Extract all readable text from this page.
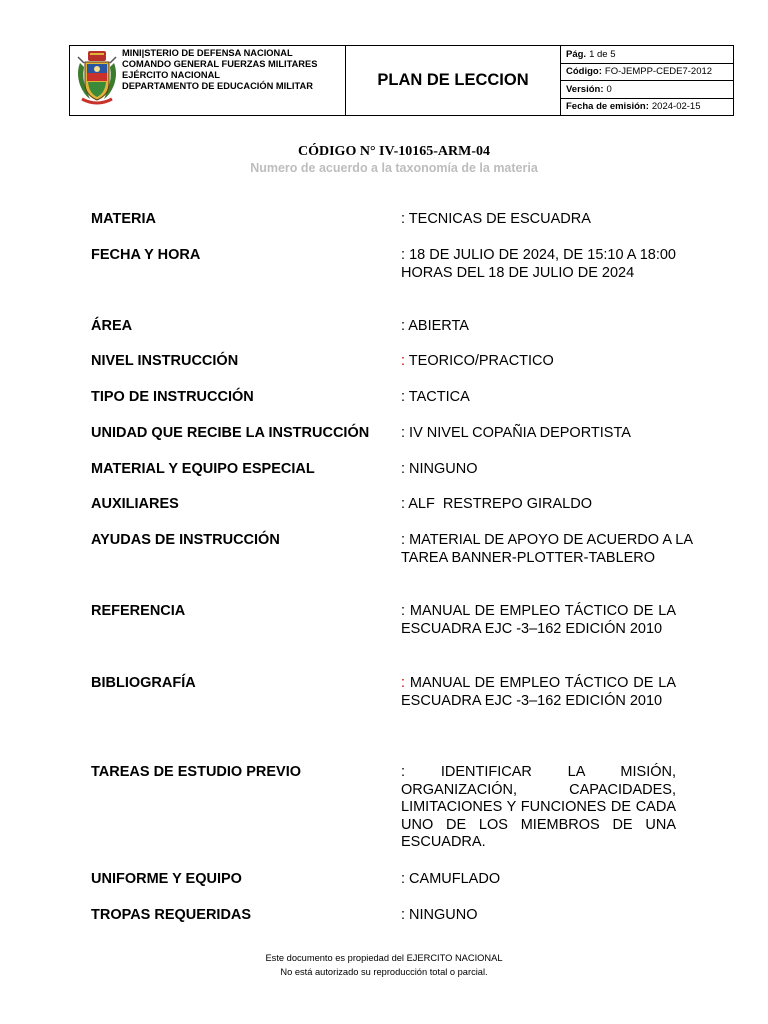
MINI|STERIO DE DEFENSA NACIONAL
COMANDO GENERAL FUERZAS MILITARES
EJÉRCITO NACIONAL
DEPARTAMENTO DE EDUCACIÓN MILITAR	PLAN DE LECCION
Pág. 1 de 5
Código: FO-JEMPP-CEDE7-2012
Versión: 0
Fecha de emisión: 2024-02-15
CÓDIGO N° IV-10165-ARM-04
Numero de acuerdo a la taxonomía de la materia
MATERIA	: TECNICAS DE ESCUADRA
FECHA Y HORA	: 18 DE JULIO DE 2024, DE 15:10 A 18:00 HORAS DEL 18 DE JULIO DE 2024
ÁREA	: ABIERTA
NIVEL INSTRUCCIÓN	: TEORICO/PRACTICO
TIPO DE INSTRUCCIÓN	: TACTICA
UNIDAD QUE RECIBE LA INSTRUCCIÓN : IV NIVEL COPAÑIA DEPORTISTA
MATERIAL Y EQUIPO ESPECIAL	: NINGUNO
AUXILIARES	: ALF  RESTREPO GIRALDO
AYUDAS DE INSTRUCCIÓN	: MATERIAL DE APOYO DE ACUERDO A LA TAREA BANNER-PLOTTER-TABLERO
REFERENCIA	: MANUAL DE EMPLEO TÁCTICO DE LA ESCUADRA EJC -3–162 EDICIÓN 2010
BIBLIOGRAFÍA	: MANUAL DE EMPLEO TÁCTICO DE LA ESCUADRA EJC -3–162 EDICIÓN 2010
TAREAS DE ESTUDIO PREVIO	: IDENTIFICAR LA MISIÓN, ORGANIZACIÓN, CAPACIDADES, LIMITACIONES Y FUNCIONES DE CADA UNO DE LOS MIEMBROS DE UNA ESCUADRA.
UNIFORME Y EQUIPO	: CAMUFLADO
TROPAS REQUERIDAS	: NINGUNO
Este documento es propiedad del EJERCITO NACIONAL
No está autorizado su reproducción total o parcial.
